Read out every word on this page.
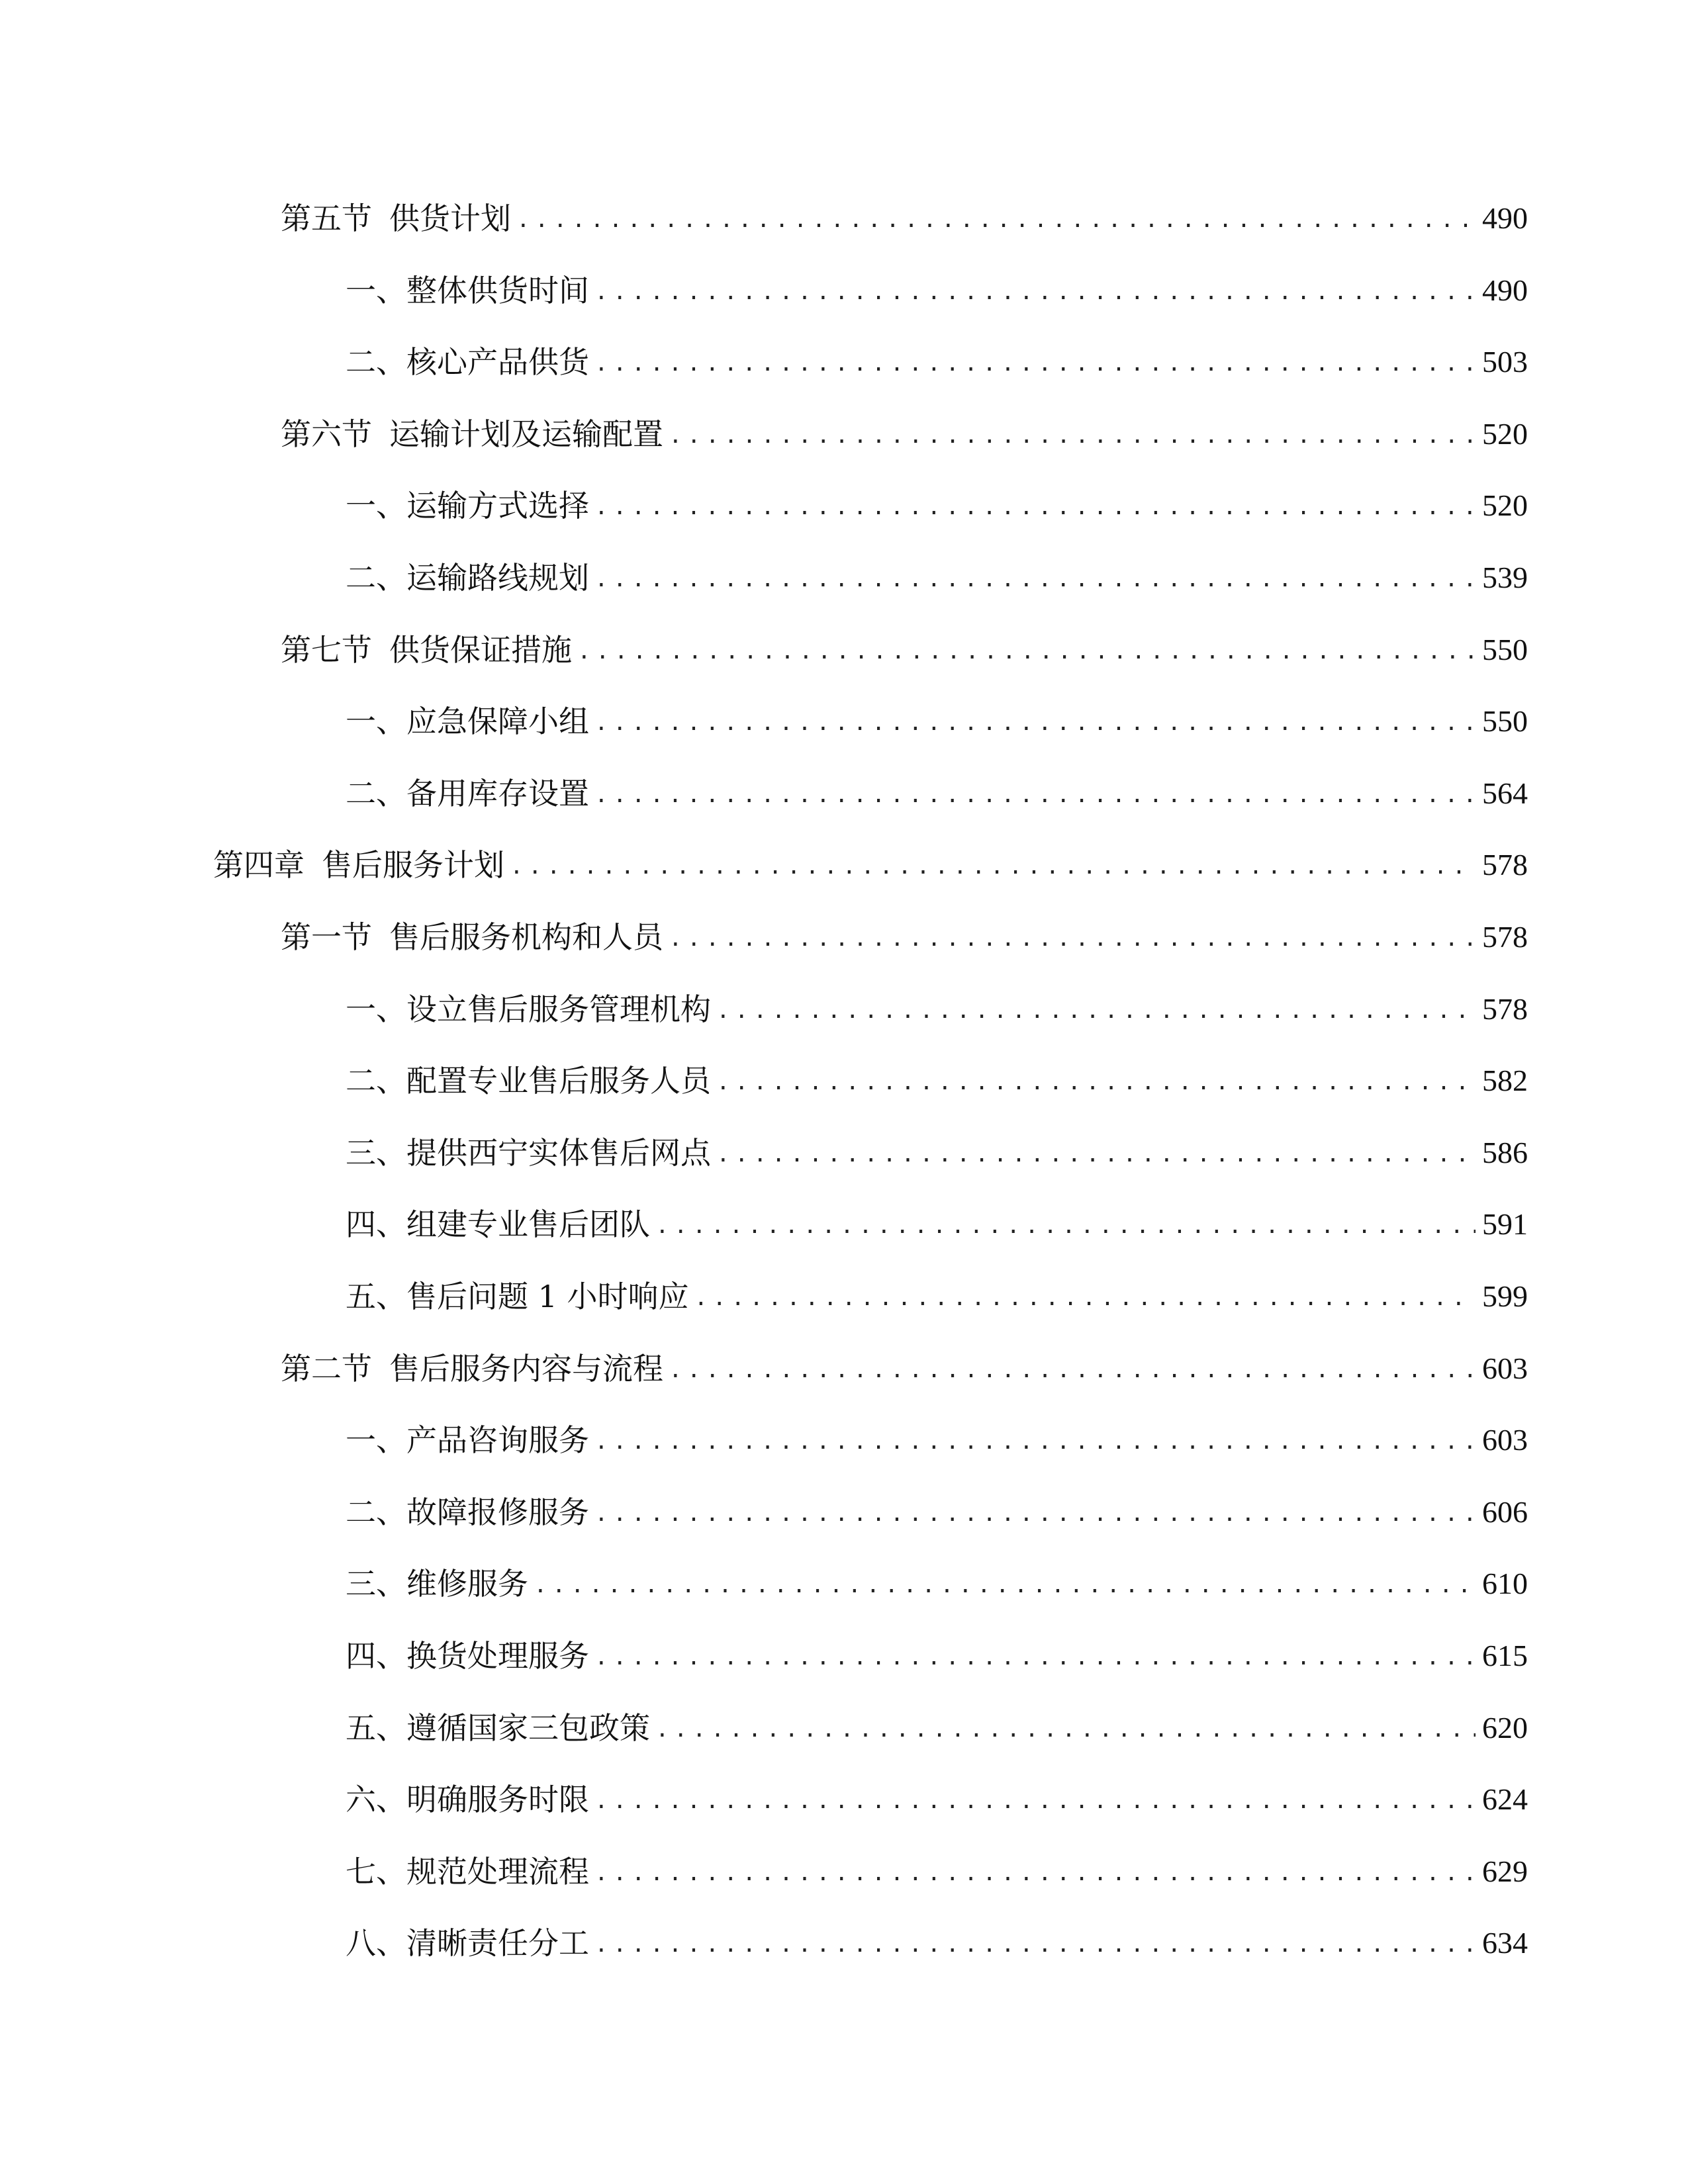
第五节 供货计划 .....	490
一、 整体供货时间 .....	490
二、 核心产品供货 .....	503
第六节 运输计划及运输配置 .....	520
一、 运输方式选择 .....	520
二、 运输路线规划 .....	539
第七节 供货保证措施 .....	550
一、 应急保障小组 .....	550
二、 备用库存设置 .....	564
第四章 售后服务计划 .....	578
第一节 售后服务机构和人员 .....	578
一、 设立售后服务管理机构 .....	578
二、 配置专业售后服务人员 .....	582
三、 提供西宁实体售后网点 .....	586
四、 组建专业售后团队 .....	591
五、 售后问题 1 小时响应 .....	599
第二节 售后服务内容与流程 .....	603
一、 产品咨询服务 .....	603
二、 故障报修服务 .....	606
三、 维修服务 .....	610
四、 换货处理服务 .....	615
五、 遵循国家三包政策 .....	620
六、 明确服务时限 .....	624
七、 规范处理流程 .....	629
八、 清晰责任分工 .....	634
